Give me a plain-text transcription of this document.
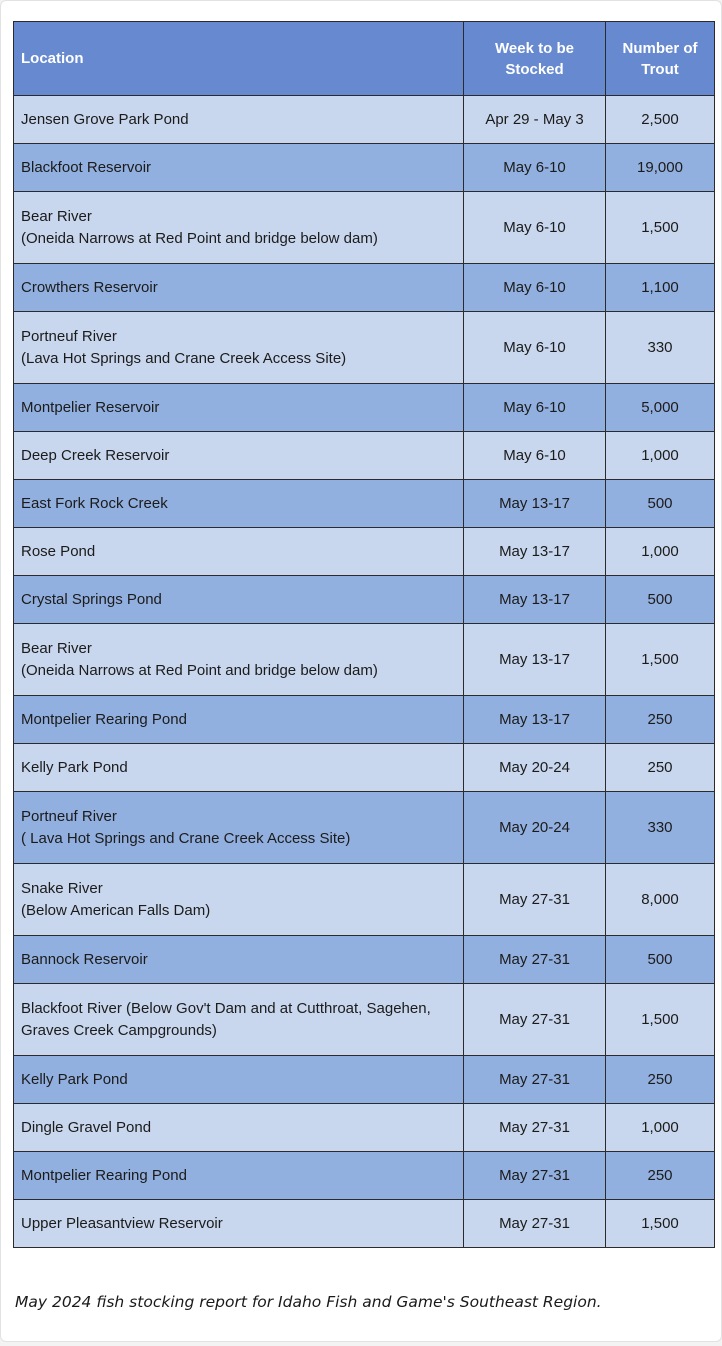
Location	Week to be Stocked	Number of Trout

Jensen Grove Park Pond	Apr 29 - May 3	2,500

Blackfoot Reservoir	May 6-10	19,000

Bear River
(Oneida Narrows at Red Point and bridge below dam)	May 6-10	1,500

Crowthers Reservoir	May 6-10	1,100

Portneuf River
(Lava Hot Springs and Crane Creek Access Site)	May 6-10	330

Montpelier Reservoir	May 6-10	5,000

Deep Creek Reservoir	May 6-10	1,000

East Fork Rock Creek	May 13-17	500

Rose Pond	May 13-17	1,000

Crystal Springs Pond	May 13-17	500

Bear River
(Oneida Narrows at Red Point and bridge below dam)	May 13-17	1,500

Montpelier Rearing Pond	May 13-17	250

Kelly Park Pond	May 20-24	250

Portneuf River
( Lava Hot Springs and Crane Creek Access Site)	May 20-24	330

Snake River
(Below American Falls Dam)	May 27-31	8,000

Bannock Reservoir	May 27-31	500

Blackfoot River (Below Gov't Dam and at Cutthroat, Sagehen,
Graves Creek Campgrounds)	May 27-31	1,500

Kelly Park Pond	May 27-31	250

Dingle Gravel Pond	May 27-31	1,000

Montpelier Rearing Pond	May 27-31	250

Upper Pleasantview Reservoir	May 27-31	1,500
May 2024 fish stocking report for Idaho Fish and Game's Southeast Region.
